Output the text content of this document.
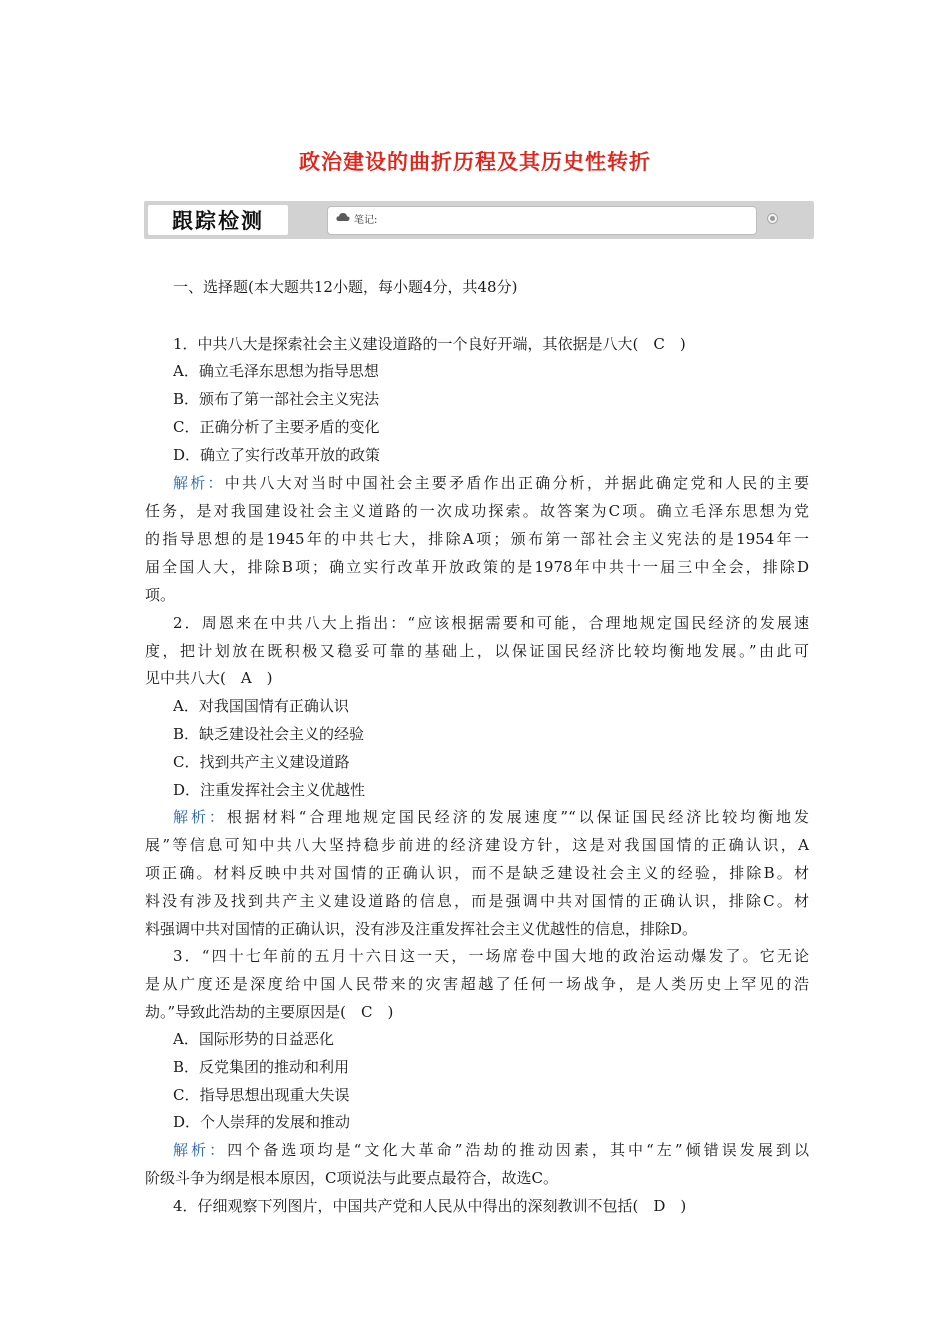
政治建设的曲折历程及其历史性转折
跟踪检测	笔记:
一、选择题(本大题共12小题，每小题4分，共48分)
1．中共八大是探索社会主义建设道路的一个良好开端，其依据是八大(　C　)
A．确立毛泽东思想为指导思想
B．颁布了第一部社会主义宪法
C．正确分析了主要矛盾的变化
D．确立了实行改革开放的政策
解析：中共八大对当时中国社会主要矛盾作出正确分析，并据此确定党和人民的主要
任务，是对我国建设社会主义道路的一次成功探索。故答案为C项。确立毛泽东思想为党
的指导思想的是1945年的中共七大，排除A项；颁布第一部社会主义宪法的是1954年一
届全国人大，排除B项；确立实行改革开放政策的是1978年中共十一届三中全会，排除D
项。
2．周恩来在中共八大上指出：“应该根据需要和可能，合理地规定国民经济的发展速
度，把计划放在既积极又稳妥可靠的基础上，以保证国民经济比较均衡地发展。”由此可
见中共八大(　A　)
A．对我国国情有正确认识
B．缺乏建设社会主义的经验
C．找到共产主义建设道路
D．注重发挥社会主义优越性
解析：根据材料“合理地规定国民经济的发展速度”“以保证国民经济比较均衡地发
展”等信息可知中共八大坚持稳步前进的经济建设方针，这是对我国国情的正确认识，A
项正确。材料反映中共对国情的正确认识，而不是缺乏建设社会主义的经验，排除B。材
料没有涉及找到共产主义建设道路的信息，而是强调中共对国情的正确认识，排除C。材
料强调中共对国情的正确认识，没有涉及注重发挥社会主义优越性的信息，排除D。
3．“四十七年前的五月十六日这一天，一场席卷中国大地的政治运动爆发了。它无论
是从广度还是深度给中国人民带来的灾害超越了任何一场战争，是人类历史上罕见的浩
劫。”导致此浩劫的主要原因是(　C　)
A．国际形势的日益恶化
B．反党集团的推动和利用
C．指导思想出现重大失误
D．个人崇拜的发展和推动
解析：四个备选项均是“文化大革命”浩劫的推动因素，其中“左”倾错误发展到以
阶级斗争为纲是根本原因，C项说法与此要点最符合，故选C。
4．仔细观察下列图片，中国共产党和人民从中得出的深刻教训不包括(　D　)
